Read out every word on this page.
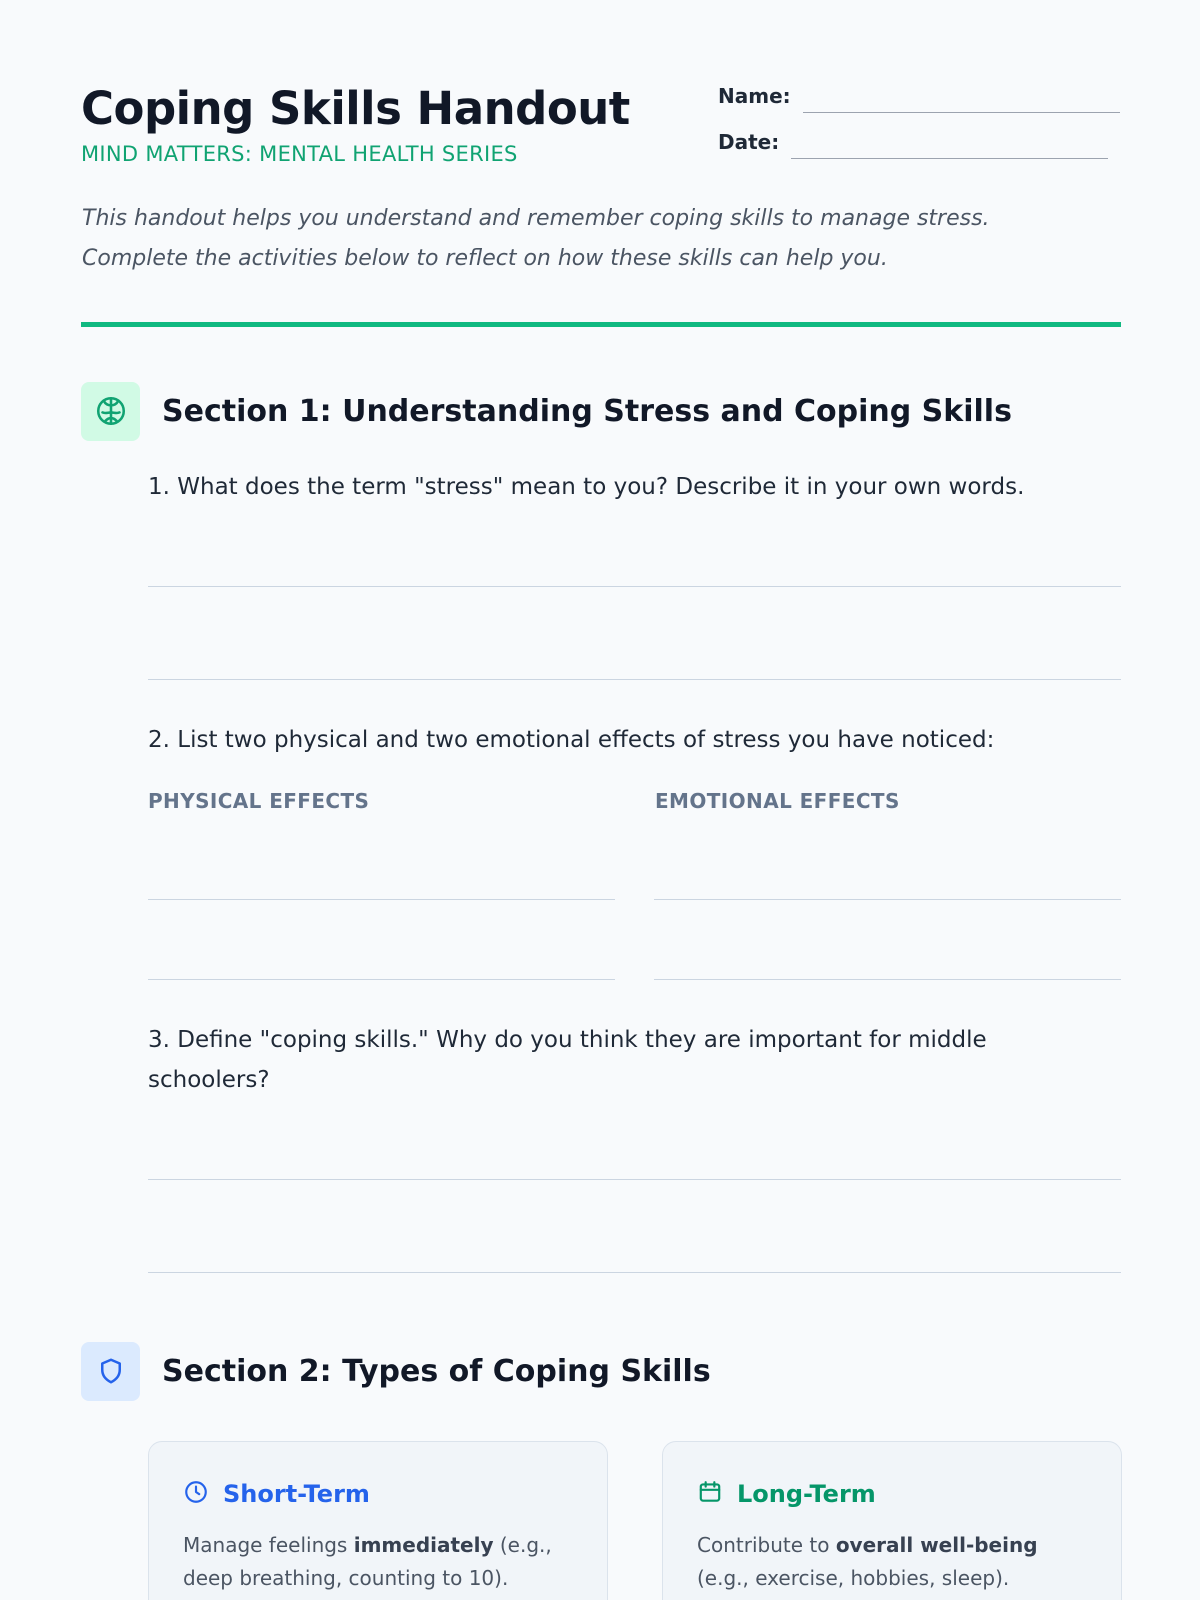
Coping Skills Handout
MIND MATTERS: MENTAL HEALTH SERIES
Name:
Date:

This handout helps you understand and remember coping skills to manage stress. Complete the activities below to reflect on how these skills can help you.

Section 1: Understanding Stress and Coping Skills

1. What does the term "stress" mean to you? Describe it in your own words.

2. List two physical and two emotional effects of stress you have noticed:

PHYSICAL EFFECTS	EMOTIONAL EFFECTS

3. Define "coping skills." Why do you think they are important for middle schoolers?

Section 2: Types of Coping Skills
Short-Term

Manage feelings immediately (e.g., deep breathing, counting to 10).

Long-Term

Contribute to overall well-being (e.g., exercise, hobbies, sleep).
